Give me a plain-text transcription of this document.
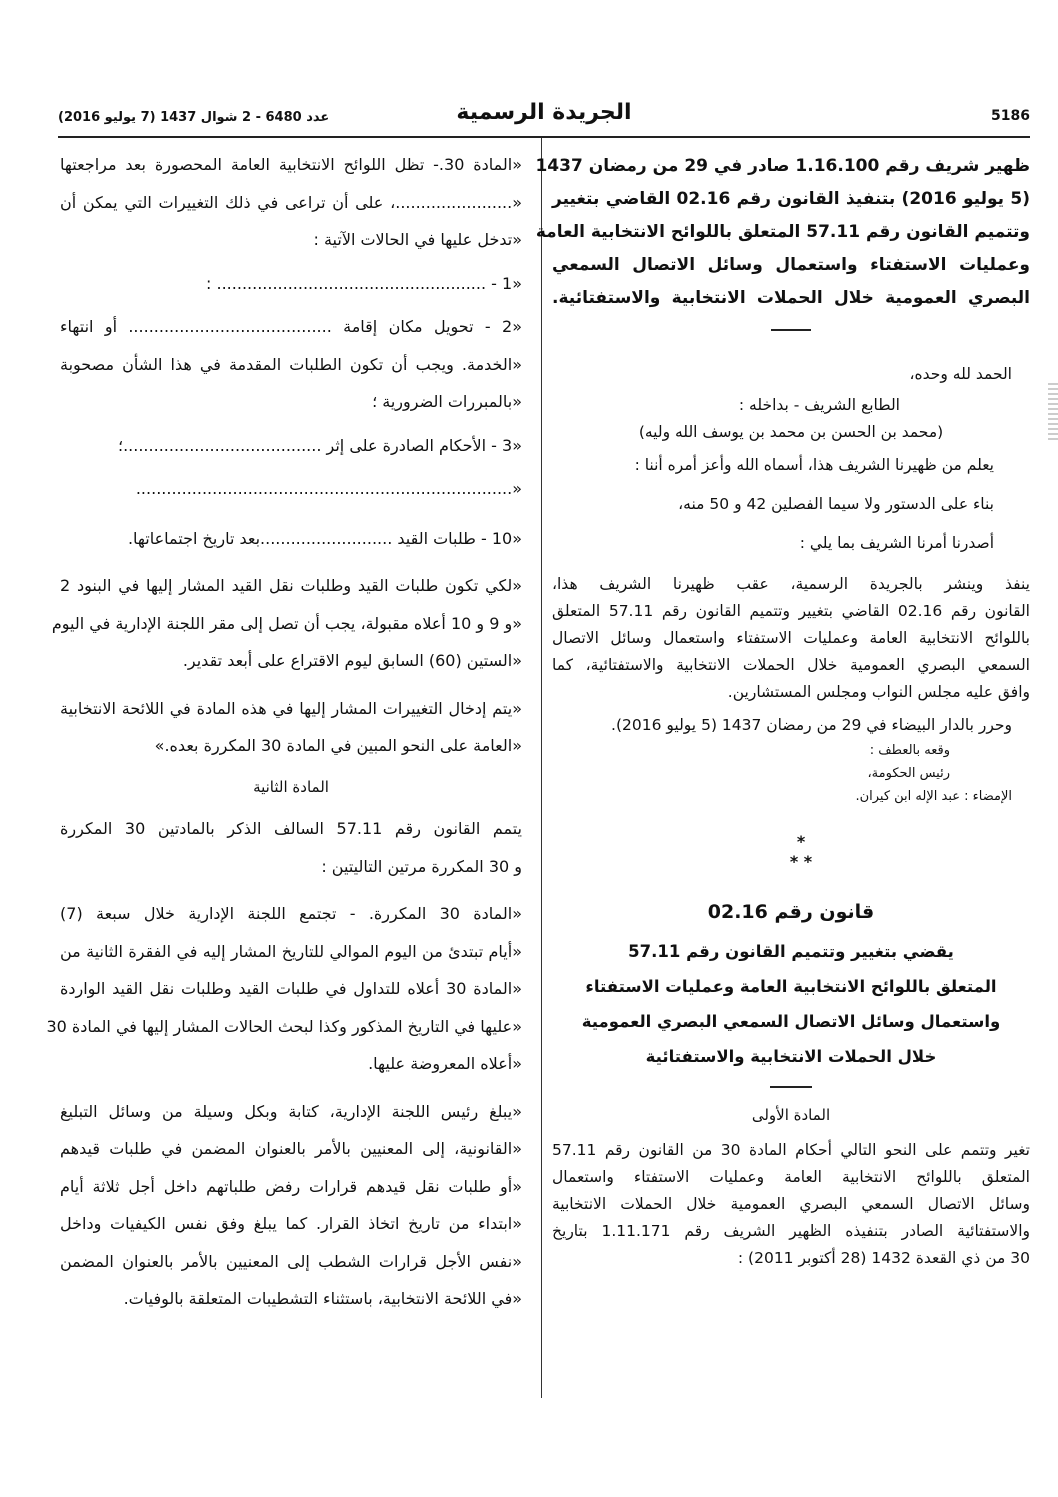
5186
الجريدة الرسمية
عدد 6480 - 2 شوال 1437 (7 يوليو 2016)

ظهير شريف رقم 1.16.100 صادر في 29 من رمضان 1437

(5 يوليو 2016) بتنفيذ القانون رقم 02.16 القاضي بتغيير

وتتميم القانون رقم 57.11 المتعلق باللوائح الانتخابية العامة

وعمليات الاستفتاء واستعمال وسائل الاتصال السمعي

البصري العمومية خلال الحملات الانتخابية والاستفتائية.

الحمد لله وحده،

الطابع الشريف - بداخله :

(محمد بن الحسن بن محمد بن يوسف الله وليه)

يعلم من ظهيرنا الشريف هذا، أسماه الله وأعز أمره أننا :

بناء على الدستور ولا سيما الفصلين 42 و 50 منه،

أصدرنا أمرنا الشريف بما يلي :

ينفذ وينشر بالجريدة الرسمية، عقب ظهيرنا الشريف هذا،

القانون رقم 02.16 القاضي بتغيير وتتميم القانون رقم 57.11 المتعلق

باللوائح الانتخابية العامة وعمليات الاستفتاء واستعمال وسائل الاتصال

السمعي البصري العمومية خلال الحملات الانتخابية والاستفتائية، كما

وافق عليه مجلس النواب ومجلس المستشارين.

وحرر بالدار البيضاء في 29 من رمضان 1437 (5 يوليو 2016).

وقعه بالعطف :

رئيس الحكومة،

الإمضاء : عبد الإله ابن كيران.

*

* *

قانون رقم 02.16

يقضي بتغيير وتتميم القانون رقم 57.11

المتعلق باللوائح الانتخابية العامة وعمليات الاستفتاء

واستعمال وسائل الاتصال السمعي البصري العمومية

خلال الحملات الانتخابية والاستفتائية

المادة الأولى

تغير وتتمم على النحو التالي أحكام المادة 30 من القانون رقم 57.11

المتعلق باللوائح الانتخابية العامة وعمليات الاستفتاء واستعمال

وسائل الاتصال السمعي البصري العمومية خلال الحملات الانتخابية

والاستفتائية الصادر بتنفيذه الظهير الشريف رقم 1.11.171 بتاريخ

30 من ذي القعدة 1432 (28 أكتوبر 2011) :

«المادة 30.- تظل اللوائح الانتخابية العامة المحصورة بعد مراجعتها

«.......................، على أن تراعى في ذلك التغييرات التي يمكن أن

«تدخل عليها في الحالات الآتية :

«1 - ..................................................... :

«2 - تحويل مكان إقامة ........................................ أو انتهاء

«الخدمة. ويجب أن تكون الطلبات المقدمة في هذا الشأن مصحوبة

«بالمبررات الضرورية ؛

«3 - الأحكام الصادرة على إثر .......................................؛

«..........................................................................

«10 - طلبات القيد ..........................بعد تاريخ اجتماعاتها.

«لكي تكون طلبات القيد وطلبات نقل القيد المشار إليها في البنود 2

«و 9 و 10 أعلاه مقبولة، يجب أن تصل إلى مقر اللجنة الإدارية في اليوم

«الستين (60) السابق ليوم الاقتراع على أبعد تقدير.

«يتم إدخال التغييرات المشار إليها في هذه المادة في اللائحة الانتخابية

«العامة على النحو المبين في المادة 30 المكررة بعده.»

المادة الثانية

يتمم القانون رقم 57.11 السالف الذكر بالمادتين 30 المكررة

و 30 المكررة مرتين التاليتين :

«المادة 30 المكررة. - تجتمع اللجنة الإدارية خلال سبعة (7)

«أيام تبتدئ من اليوم الموالي للتاريخ المشار إليه في الفقرة الثانية من

«المادة 30 أعلاه للتداول في طلبات القيد وطلبات نقل القيد الواردة

«عليها في التاريخ المذكور وكذا لبحث الحالات المشار إليها في المادة 30

«أعلاه المعروضة عليها.

«يبلغ رئيس اللجنة الإدارية، كتابة وبكل وسيلة من وسائل التبليغ

«القانونية، إلى المعنيين بالأمر بالعنوان المضمن في طلبات قيدهم

«أو طلبات نقل قيدهم قرارات رفض طلباتهم داخل أجل ثلاثة أيام

«ابتداء من تاريخ اتخاذ القرار. كما يبلغ وفق نفس الكيفيات وداخل

«نفس الأجل قرارات الشطب إلى المعنيين بالأمر بالعنوان المضمن

«في اللائحة الانتخابية، باستثناء التشطيبات المتعلقة بالوفيات.
